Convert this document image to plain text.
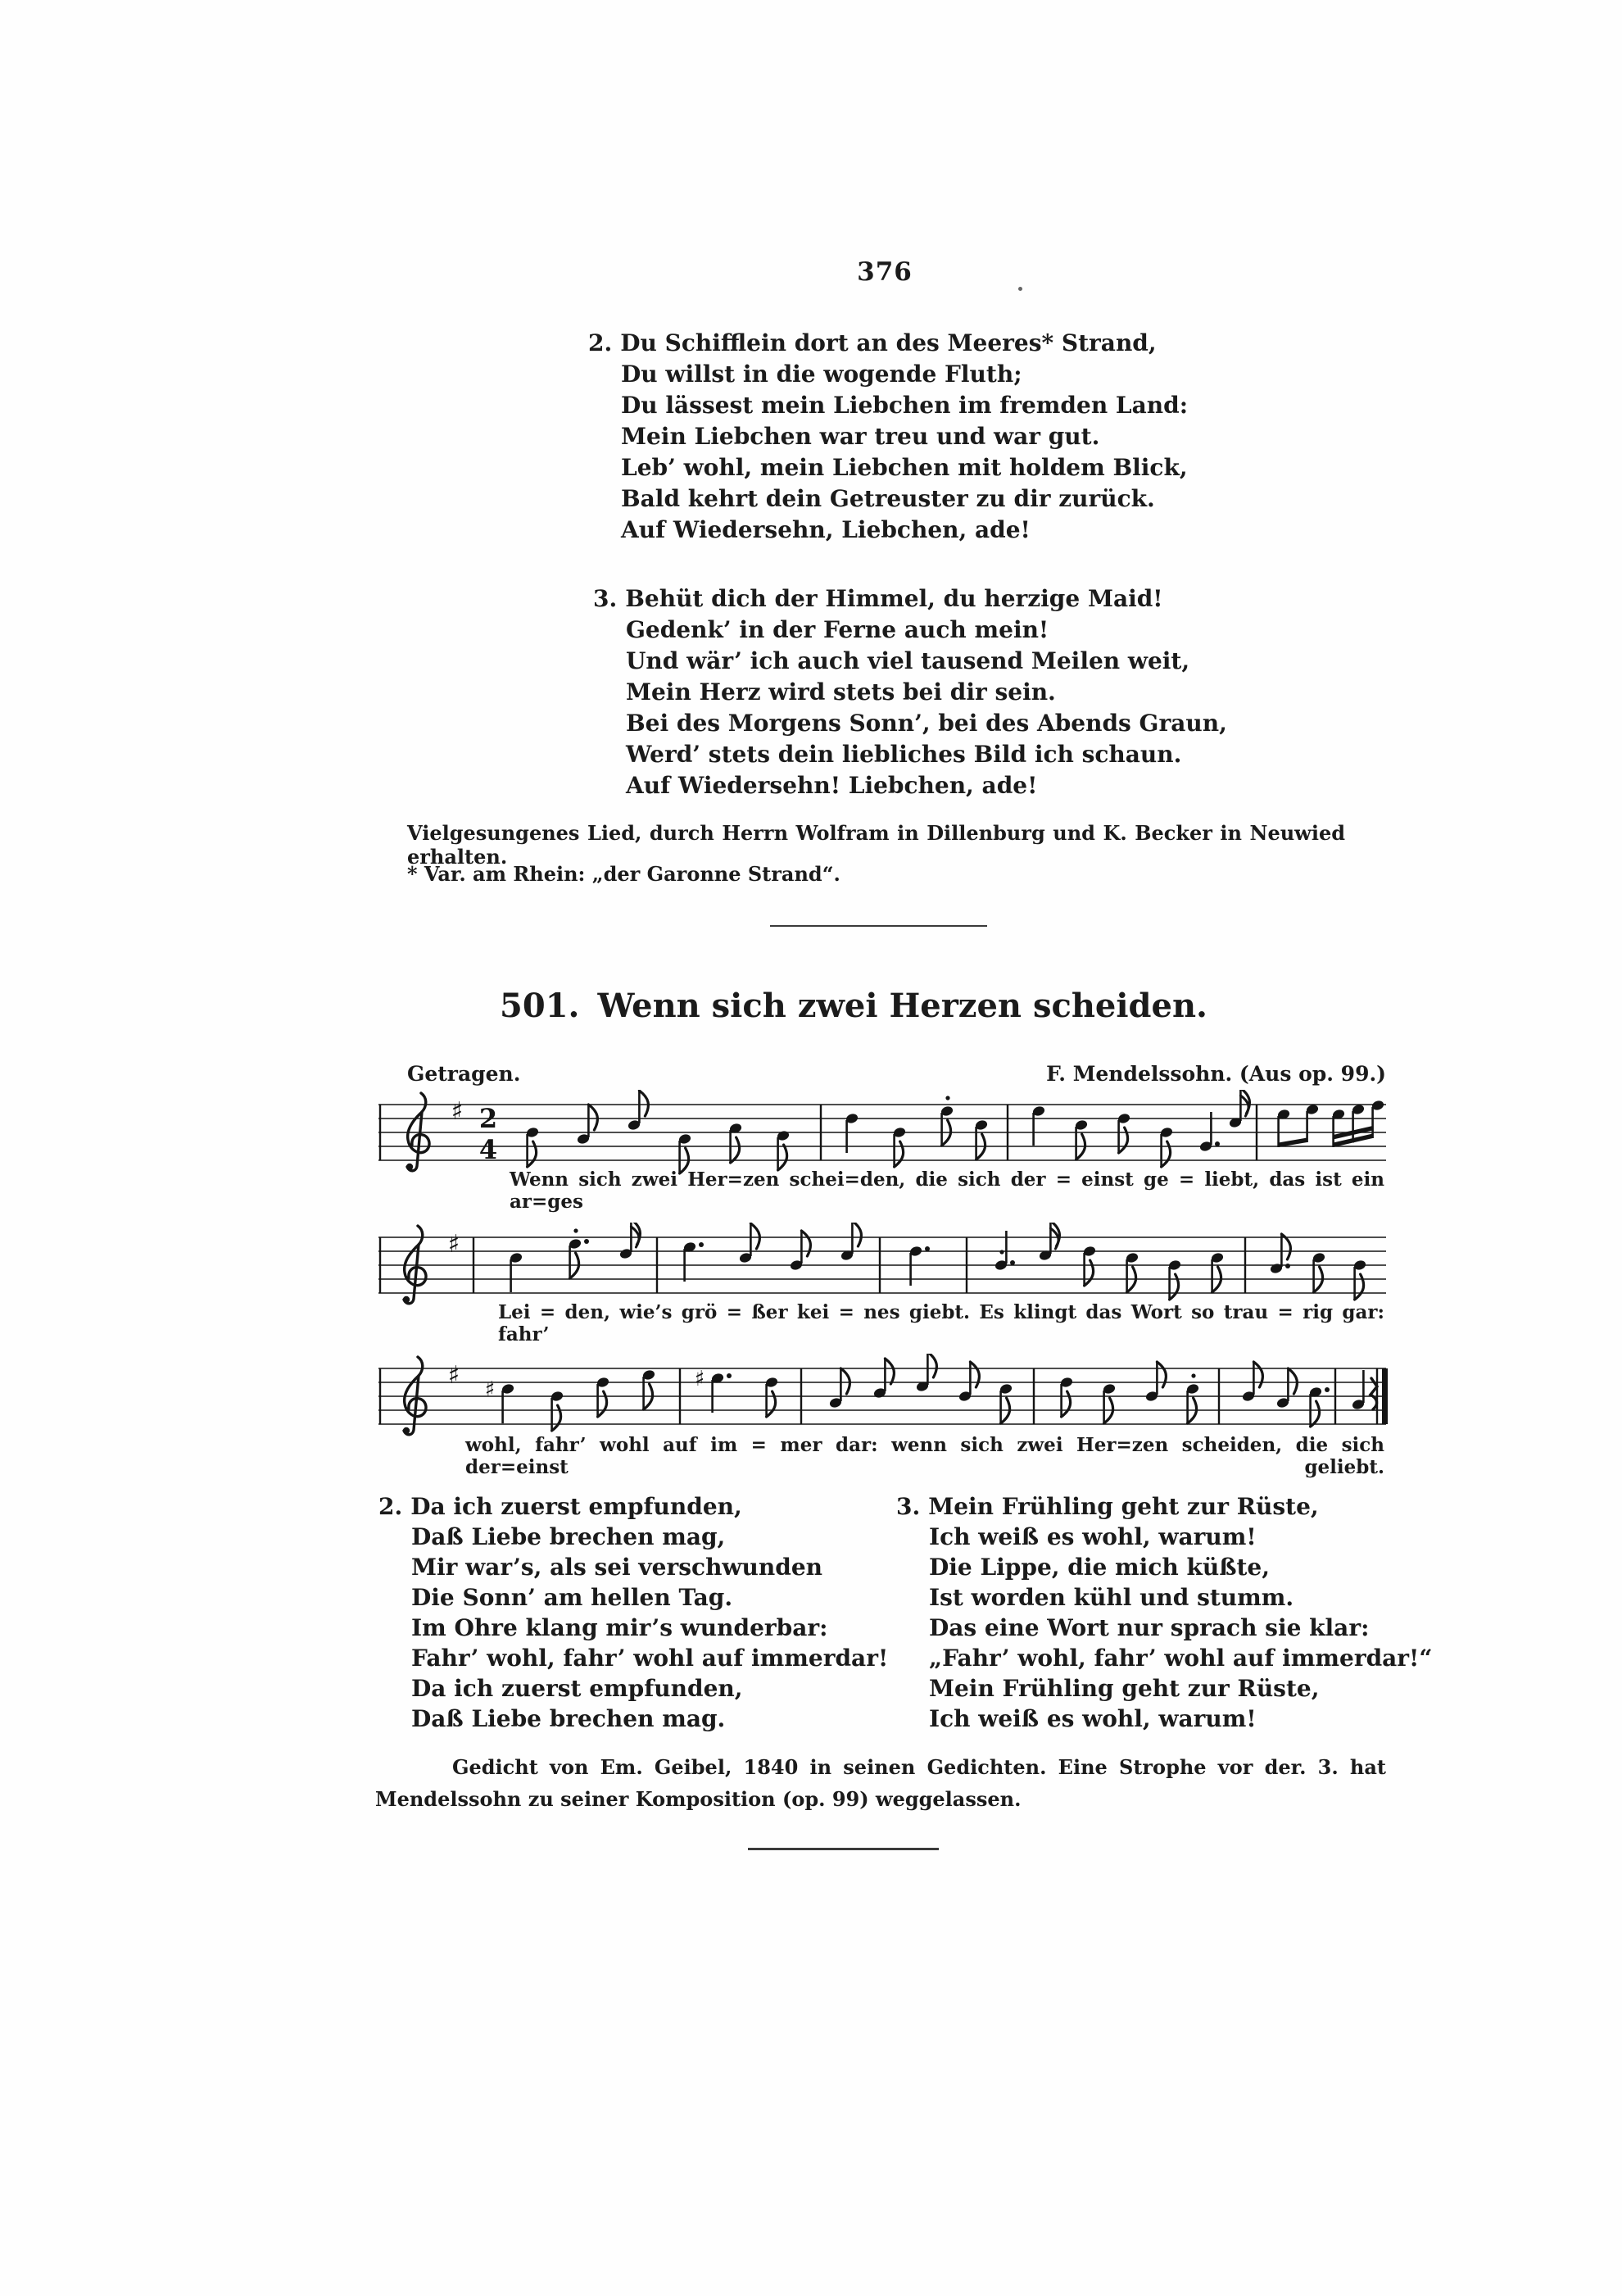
376
2. Du Schifflein dort an des Meeres* Strand,
Du willst in die wogende Fluth;
Du lässest mein Liebchen im fremden Land:
Mein Liebchen war treu und war gut.
Leb’ wohl, mein Liebchen mit holdem Blick,
Bald kehrt dein Getreuster zu dir zurück.
Auf Wiedersehn, Liebchen, ade!
3. Behüt dich der Himmel, du herzige Maid!
Gedenk’ in der Ferne auch mein!
Und wär’ ich auch viel tausend Meilen weit,
Mein Herz wird stets bei dir sein.
Bei des Morgens Sonn’, bei des Abends Graun,
Werd’ stets dein liebliches Bild ich schaun.
Auf Wiedersehn! Liebchen, ade!
Vielgesungenes Lied, durch Herrn Wolfram in Dillenburg und K. Becker in Neuwied erhalten.
* Var. am Rhein: „der Garonne Strand“.
501. Wenn sich zwei Herzen scheiden.
Getragen.	F. Mendelssohn. (Aus op. 99.)
♯ 2
4
Wenn sich zwei Her=zen schei=den, die sich der = einst ge = liebt, das ist ein ar=ges
♯
Lei = den, wie’s grö = ßer kei = nes giebt. Es klingt das Wort so trau = rig gar: fahr’
♯ ♯	♯
wohl, fahr’ wohl auf im = mer dar: wenn sich zwei Her=zen scheiden, die sich der=einst geliebt.
2. Da ich zuerst empfunden,
Daß Liebe brechen mag,
Mir war’s, als sei verschwunden
Die Sonn’ am hellen Tag.
Im Ohre klang mir’s wunderbar:
Fahr’ wohl, fahr’ wohl auf immerdar!
Da ich zuerst empfunden,
Daß Liebe brechen mag.
3. Mein Frühling geht zur Rüste,
Ich weiß es wohl, warum!
Die Lippe, die mich küßte,
Ist worden kühl und stumm.
Das eine Wort nur sprach sie klar:
„Fahr’ wohl, fahr’ wohl auf immerdar!“
Mein Frühling geht zur Rüste,
Ich weiß es wohl, warum!
Gedicht von Em. Geibel, 1840 in seinen Gedichten. Eine Strophe vor der. 3. hat
Mendelssohn zu seiner Komposition (op. 99) weggelassen.
